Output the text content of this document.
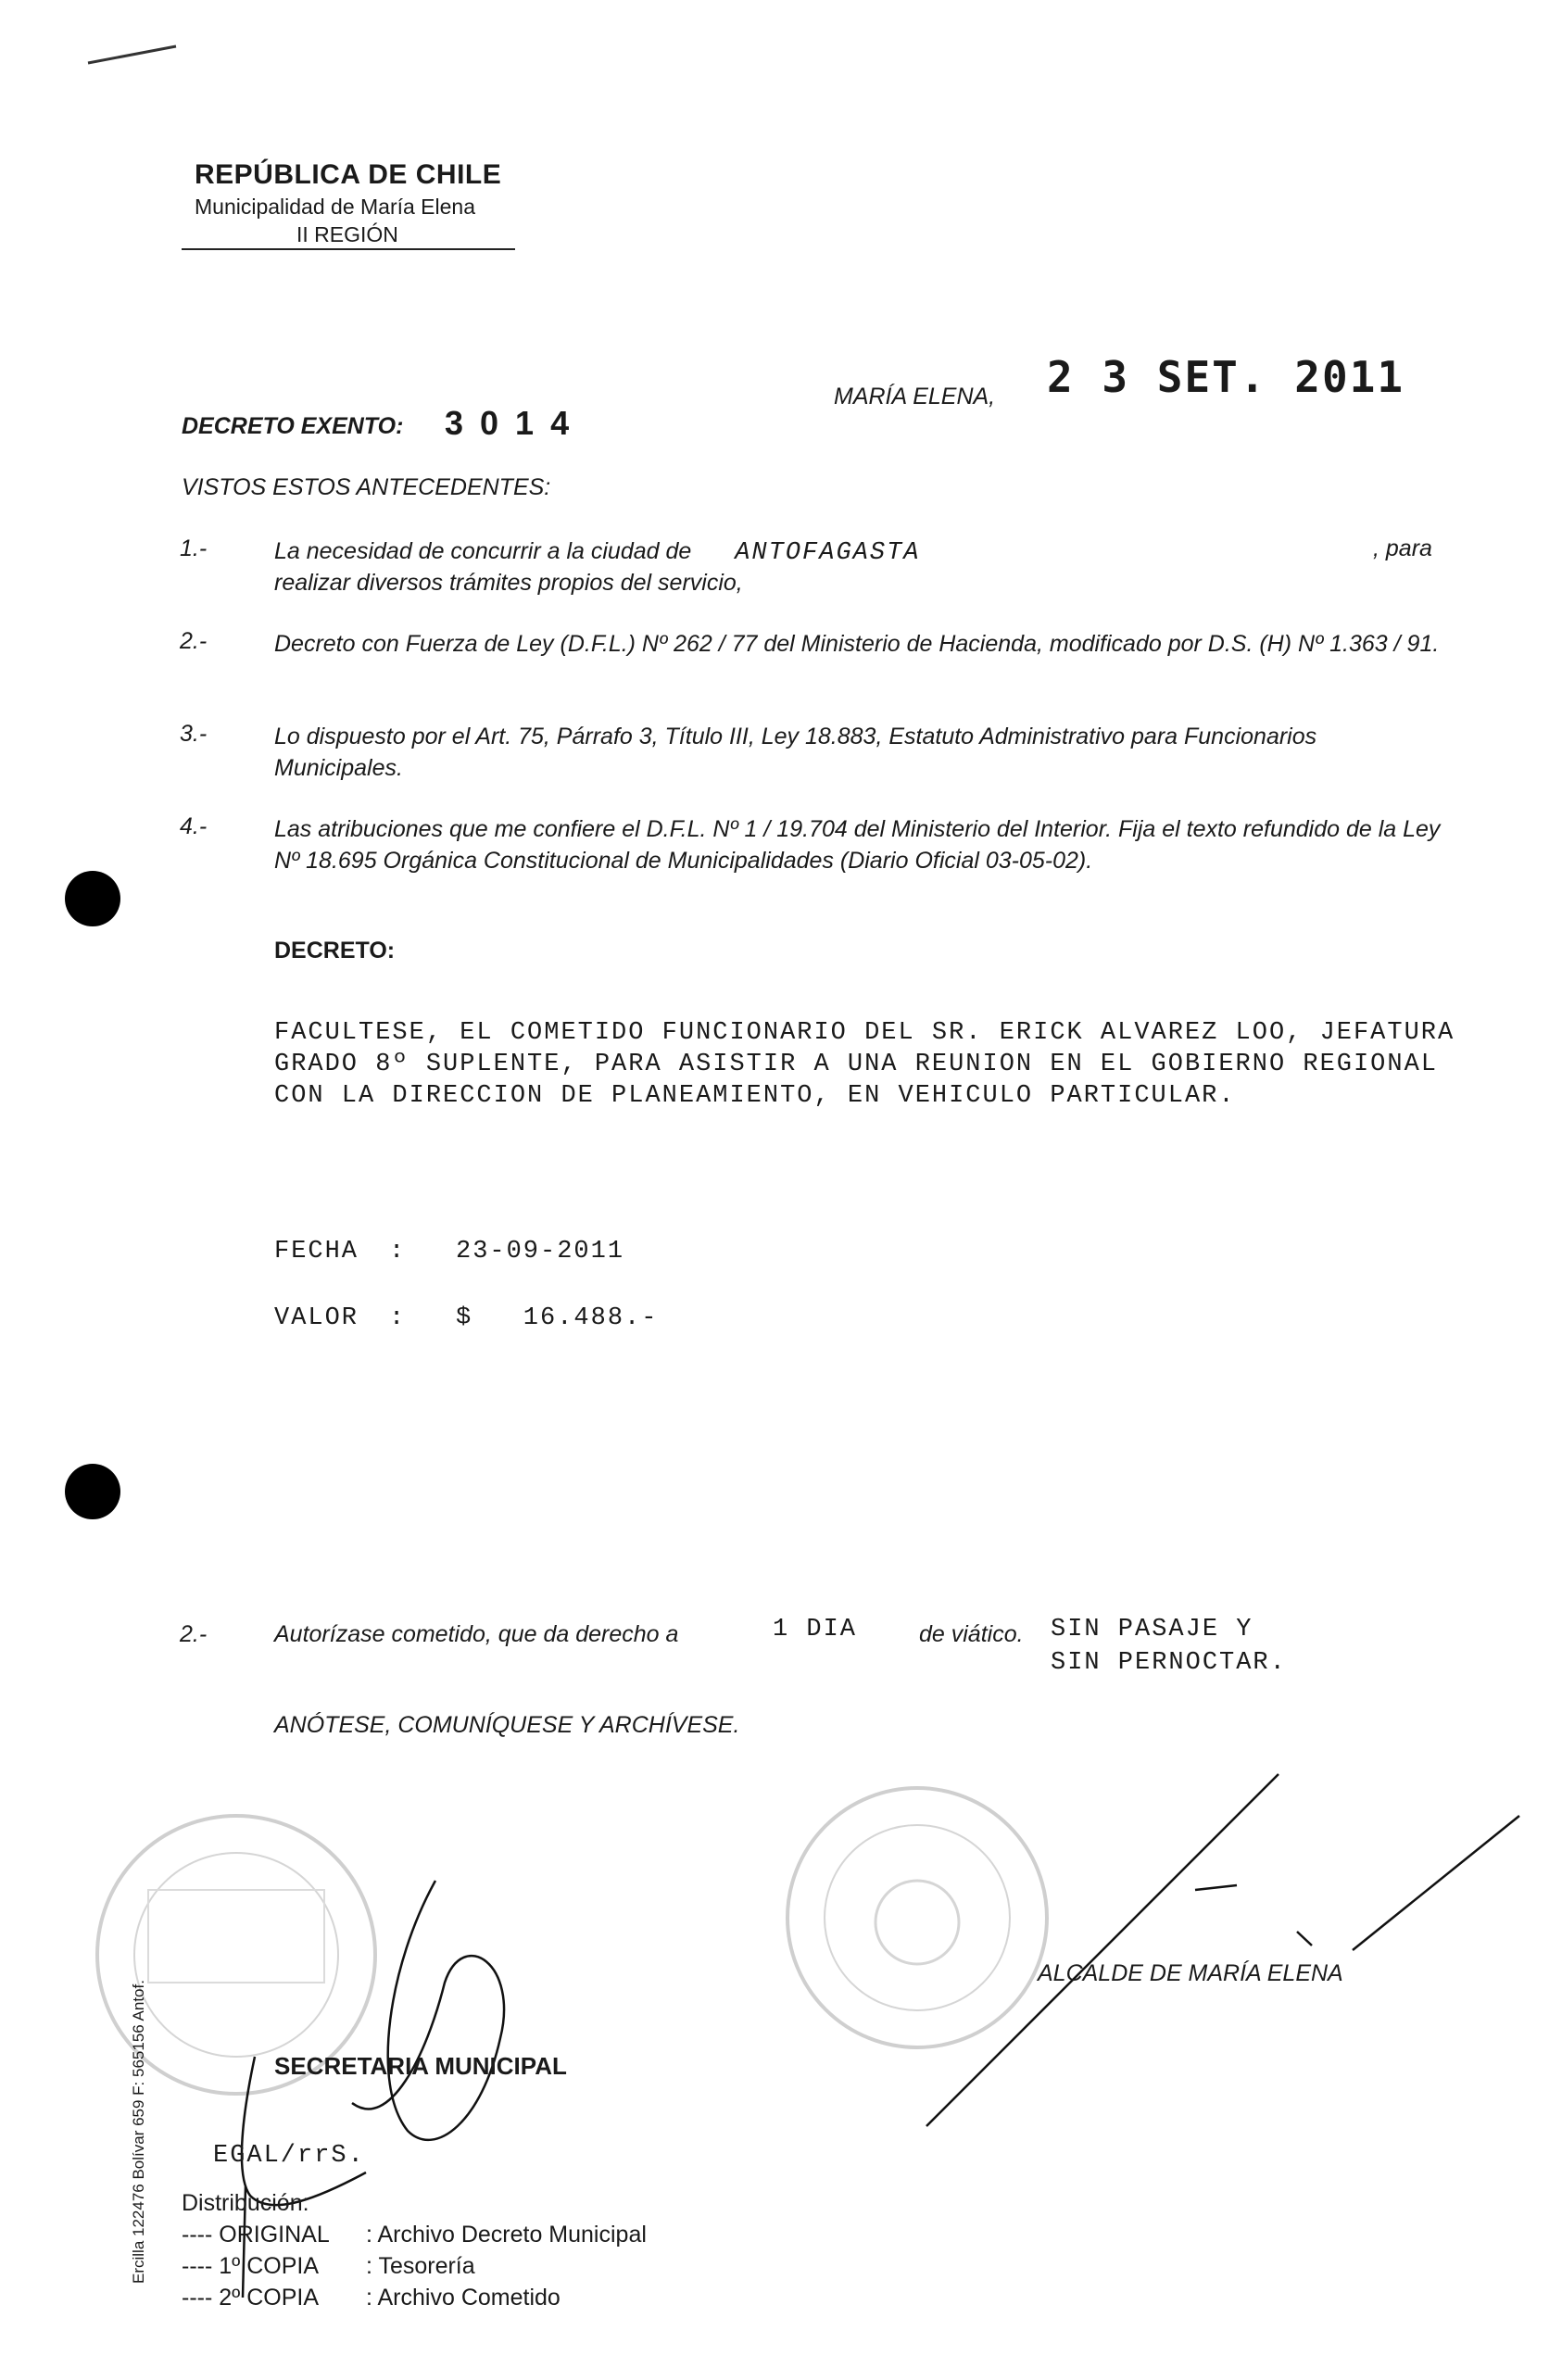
REPÚBLICA DE CHILE
Municipalidad de María Elena
II REGIÓN
DECRETO EXENTO: 3 0 1 4
MARÍA ELENA, 2 3 SET. 2011
VISTOS ESTOS ANTECEDENTES:
1.-	La necesidad de concurrir a la ciudad de ANTOFAGASTA	, para
realizar diversos trámites propios del servicio,
2.-	Decreto con Fuerza de Ley (D.F.L.) Nº 262 / 77 del Ministerio de Hacienda, modificado por D.S. (H) Nº 1.363 / 91.
3.-	Lo dispuesto por el Art. 75, Párrafo 3, Título III, Ley 18.883, Estatuto Administrativo para Funcionarios Municipales.
4.-	Las atribuciones que me confiere el D.F.L. Nº 1 / 19.704 del Ministerio del Interior. Fija el texto refundido de la Ley Nº 18.695 Orgánica Constitucional de Municipalidades (Diario Oficial 03-05-02).
DECRETO:
FACULTESE, EL COMETIDO FUNCIONARIO DEL SR. ERICK ALVAREZ LOO, JEFATURA GRADO 8º SUPLENTE, PARA ASISTIR A UNA REUNION EN EL GOBIERNO REGIONAL CON LA DIRECCION DE PLANEAMIENTO, EN VEHICULO PARTICULAR.
FECHA : 23-09-2011
VALOR : $   16.488.-
2.-	Autorízase cometido, que da derecho a	1 DIA	de viático. SIN PASAJE Y
SIN PERNOCTAR.
ANÓTESE, COMUNÍQUESE Y ARCHÍVESE.
SECRETARIA MUNICIPAL
ALCALDE DE MARÍA ELENA
EGAL/rrS.
Distribución:
---- ORIGINAL : Archivo Decreto Municipal
---- 1º COPIA : Tesorería
---- 2º COPIA : Archivo Cometido
Ercilla 122476 Bolívar 659 F: 565156 Antof.
